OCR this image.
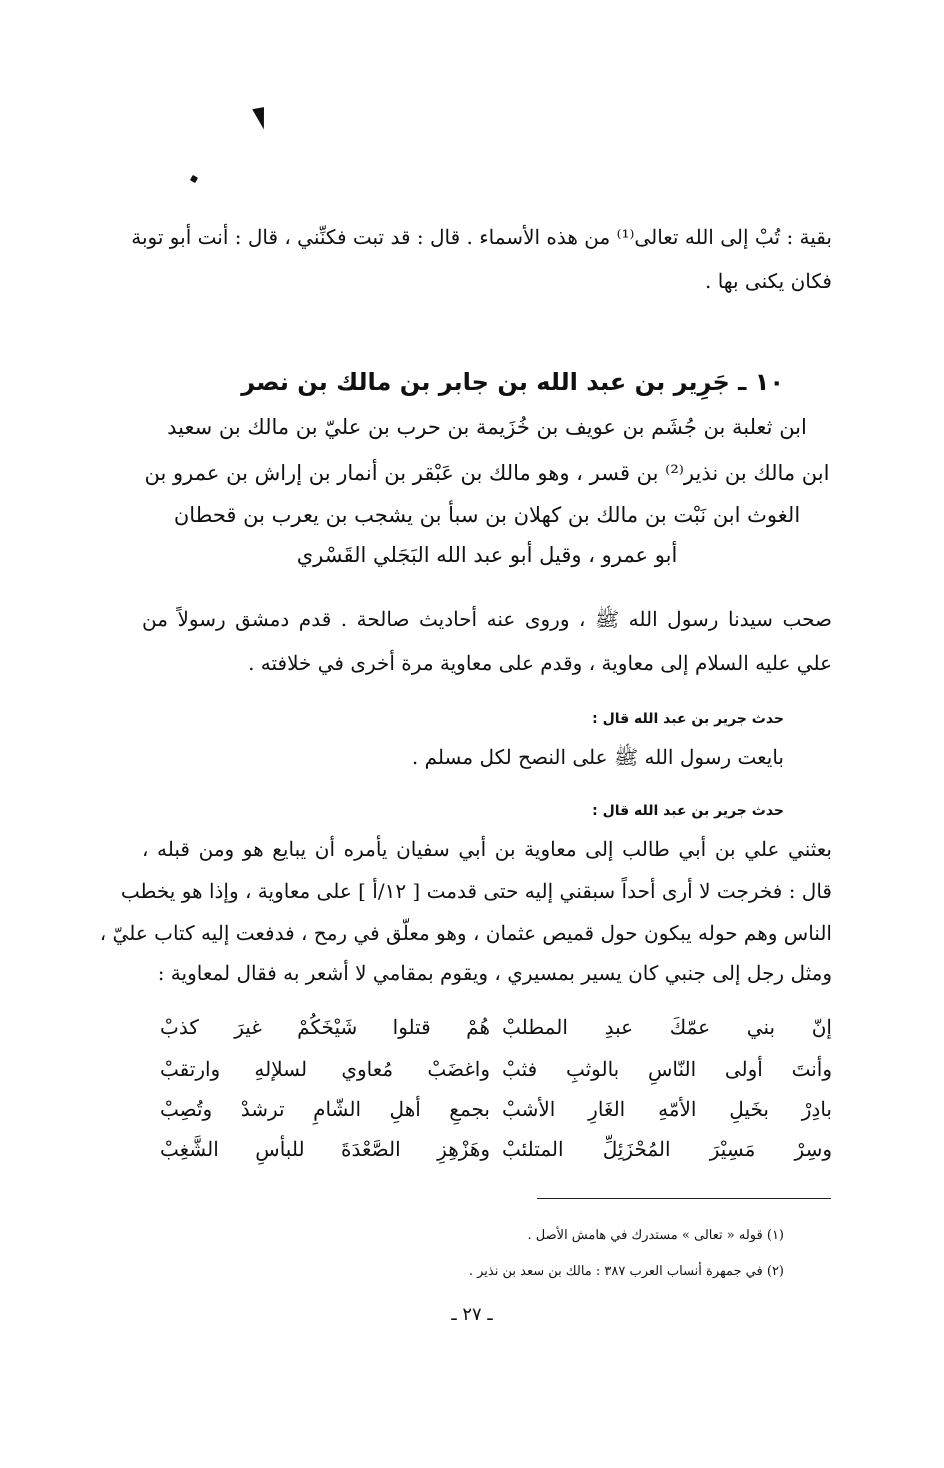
بقية : تُبْ إلى الله تعالى⁽¹⁾ من هذه الأسماء . قال : قد تبت فكنِّني ، قال : أنت أبو توبة
فكان يكنى بها .
١٠ ـ جَرِير بن عبد الله بن جابر بن مالك بن نصر
ابن ثعلبة بن جُشَم بن عويف بن خُزَيمة بن حرب بن عليّ بن مالك بن سعيد
ابن مالك بن نذير⁽²⁾ بن قسر ، وهو مالك بن عَبْقر بن أنمار بن إراش بن عمرو بن
الغوث ابن نَبْت بن مالك بن كهلان بن سبأ بن يشجب بن يعرب بن قحطان
أبو عمرو ، وقيل أبو عبد الله البَجَلي القَسْري
صحب سيدنا رسول الله ﷺ ، وروى عنه أحاديث صالحة . قدم دمشق رسولاً من
علي عليه السلام إلى معاوية ، وقدم على معاوية مرة أخرى في خلافته .
حدث جرير بن عبد الله قال :
بايعت رسول الله ﷺ على النصح لكل مسلم .
حدث جرير بن عبد الله قال :
بعثني علي بن أبي طالب إلى معاوية بن أبي سفيان يأمره أن يبايع هو ومن قبله ،
قال : فخرجت لا أرى أحداً سبقني إليه حتى قدمت [ ١٢/أ ] على معاوية ، وإذا هو يخطب
الناس وهم حوله يبكون حول قميص عثمان ، وهو معلّق في رمح ، فدفعت إليه كتاب عليّ ،
ومثل رجل إلى جنبي كان يسير بمسيري ، ويقوم بمقامي لا أشعر به فقال لمعاوية :
إنّ بني عمّكَ عبدِ المطلبْ
هُمْ قتلوا شَيْخَكُمْ غيرَ كذبْ
وأنتَ أولى النّاسِ بالوثبِ فثبْ
واغضَبْ مُعاوي لسلإلهِ وارتقبْ
بادِرْ بخَيلِ الأمّهِ الغَارِ الأشبْ
بجمعِ أهلِ الشّامِ ترشدْ وتُصِبْ
وسِرْ مَسِيْرَ المُحْزَئِلِّ المتلئبْ
وهَزْهِزِ الصَّعْدَةَ للبأسِ الشَّغِبْ
(١) قوله « تعالى » مستدرك في هامش الأصل .
(٢) في جمهرة أنساب العرب ٣٨٧ : مالك بن سعد بن نذير .
ـ ٢٧ ـ
